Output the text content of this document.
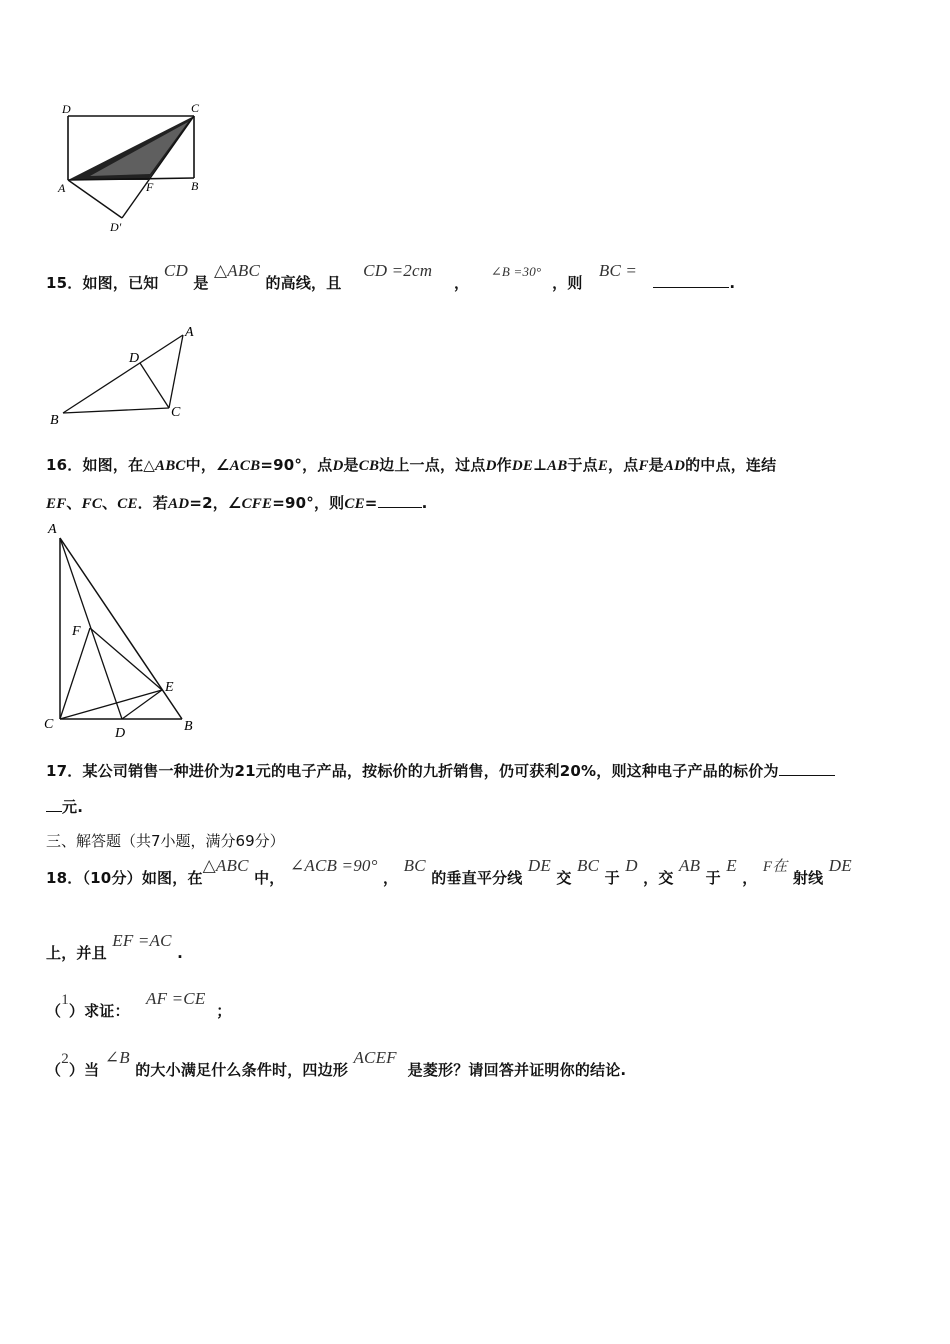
D	C
A	F	B
D'
15．如图，已知 CD 是 △ABC 的高线，且    CD =2cm    ，    ∠B =30°  ，则   BC =   .
A
D
B
C
16．如图，在△ABC中，∠ACB=90°，点D是CB边上一点，过点D作DE⊥AB于点E，点F是AD的中点，连结
EF、FC、CE．若AD=2，∠CFE=90°，则CE=	.
A
F
E
C
D	B
17．某公司销售一种进价为21元的电子产品，按标价的九折销售，仍可获利20%，则这种电子产品的标价为
元.
三、解答题（共7小题，满分69分）
18．（10分）如图，在△ABC 中， ∠ACB =90° ， BC 的垂直平分线 DE 交 BC 于 D ，交 AB 于 E ， F在 射线 DE
上，并且 EF =AC .
（1）求证：   AF =CE  ；
（2）当 ∠B 的大小满足什么条件时，四边形 ACEF  是菱形？请回答并证明你的结论.
